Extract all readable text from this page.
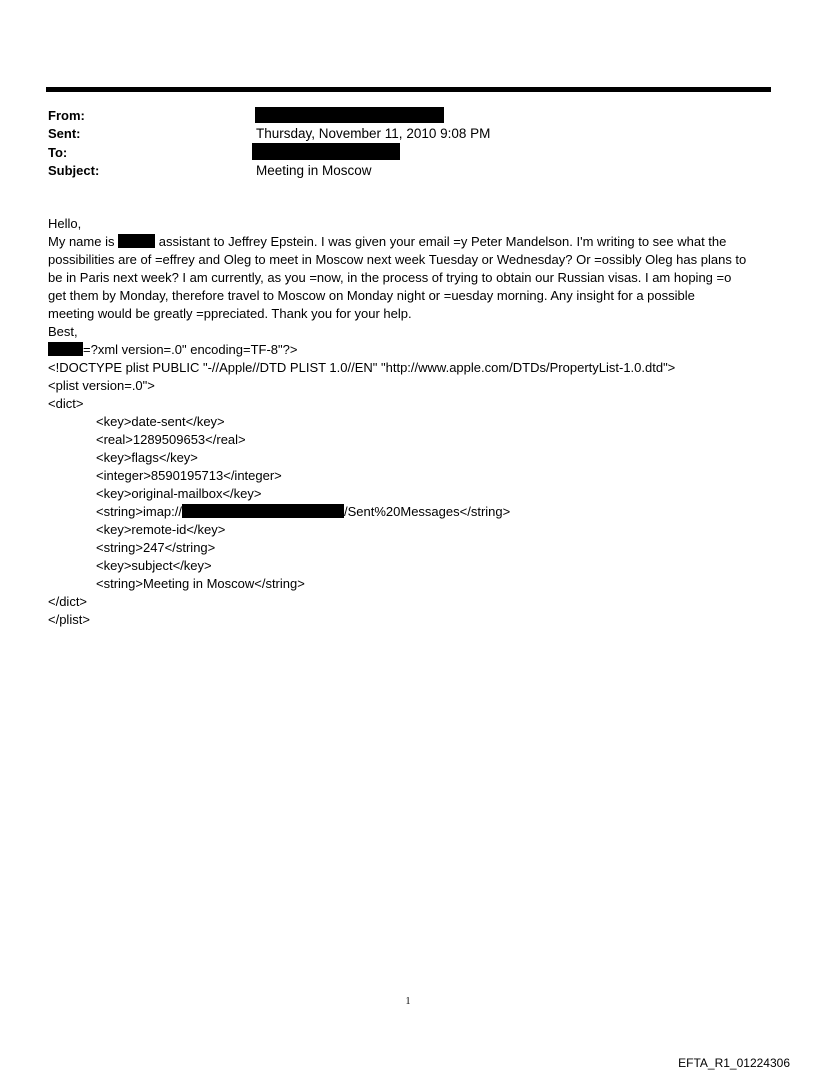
From:
Sent:	Thursday, November 11, 2010 9:08 PM
To:
Subject:	Meeting in Moscow
Hello,
My name is	assistant to Jeffrey Epstein. I was given your email =y Peter Mandelson. I'm writing to see what the
possibilities are of =effrey and Oleg to meet in Moscow next week Tuesday or Wednesday? Or =ossibly Oleg has plans to
be in Paris next week? I am currently, as you =now, in the process of trying to obtain our Russian visas. I am hoping =o
get them by Monday, therefore travel to Moscow on Monday night or =uesday morning. Any insight for a possible
meeting would be greatly =ppreciated. Thank you for your help.
Best,
=?xml version=.0" encoding=TF-8"?>
<!DOCTYPE plist PUBLIC "-//Apple//DTD PLIST 1.0//EN" "http://www.apple.com/DTDs/PropertyList-1.0.dtd">
<plist version=.0">
<dict>
<key>date-sent</key>
<real>1289509653</real>
<key>flags</key>
<integer>8590195713</integer>
<key>original-mailbox</key>
<string>imap://	/Sent%20Messages</string>
<key>remote-id</key>
<string>247</string>
<key>subject</key>
<string>Meeting in Moscow</string>
</dict>
</plist>
1
EFTA_R1_01224306
